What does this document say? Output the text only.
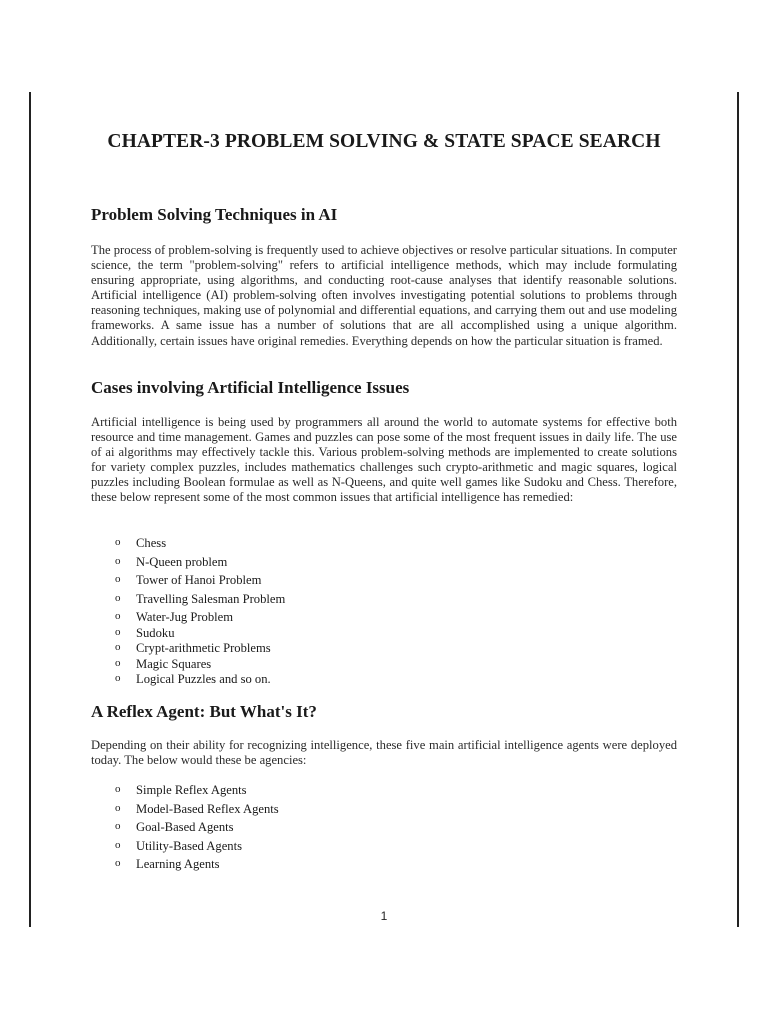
CHAPTER-3 PROBLEM SOLVING & STATE SPACE SEARCH
Problem Solving Techniques in AI

The process of problem-solving is frequently used to achieve objectives or resolve particular situations. In computer science, the term "problem-solving" refers to artificial intelligence methods, which may include formulating ensuring appropriate, using algorithms, and conducting root-cause analyses that identify reasonable solutions. Artificial intelligence (AI) problem-solving often involves investigating potential solutions to problems through reasoning techniques, making use of polynomial and differential equations, and carrying them out and use modeling frameworks. A same issue has a number of solutions that are all accomplished using a unique algorithm. Additionally, certain issues have original remedies. Everything depends on how the particular situation is framed.

Cases involving Artificial Intelligence Issues

Artificial intelligence is being used by programmers all around the world to automate systems for effective both resource and time management. Games and puzzles can pose some of the most frequent issues in daily life. The use of ai algorithms may effectively tackle this. Various problem-solving methods are implemented to create solutions for variety complex puzzles, includes mathematics challenges such crypto-arithmetic and magic squares, logical puzzles including Boolean formulae as well as N-Queens, and quite well games like Sudoku and Chess. Therefore, these below represent some of the most common issues that artificial intelligence has remedied:

o Chess
o N-Queen problem
o Tower of Hanoi Problem
o Travelling Salesman Problem
o Water-Jug Problem
o Sudoku
o Crypt-arithmetic Problems
o Magic Squares
o Logical Puzzles and so on.
A Reflex Agent: But What's It?

Depending on their ability for recognizing intelligence, these five main artificial intelligence agents were deployed today. The below would these be agencies:

o Simple Reflex Agents
o Model-Based Reflex Agents
o Goal-Based Agents
o Utility-Based Agents
o Learning Agents
1
